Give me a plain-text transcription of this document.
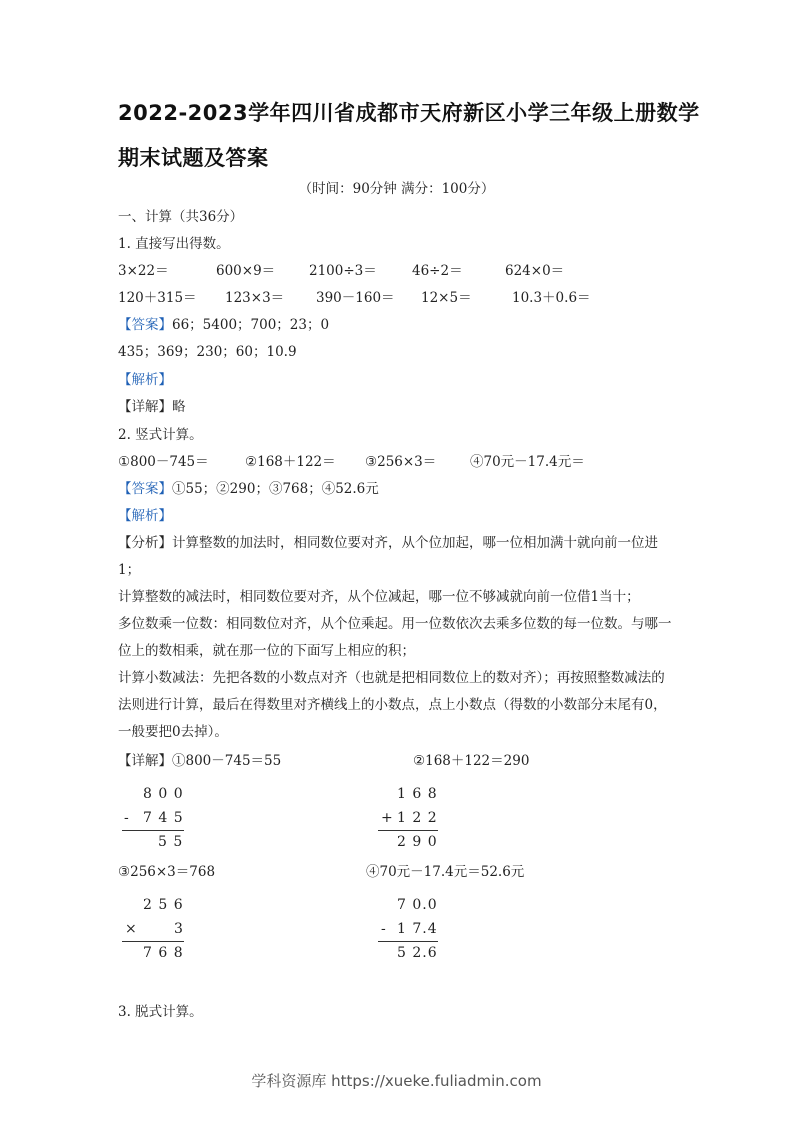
2022-2023学年四川省成都市天府新区小学三年级上册数学
期末试题及答案
（时间：90分钟 满分：100分）
一、计算（共36分）
1. 直接写出得数。
3×22＝	600×9＝	2100÷3＝	46÷2＝	624×0＝
120＋315＝ 123×3＝ 390－160＝ 12×5＝	10.3＋0.6＝
【答案】66；5400；700；23；0
435；369；230；60；10.9
【解析】
【详解】略
2. 竖式计算。
①800－745＝	②168＋122＝ ③256×3＝ ④70元－17.4元＝
【答案】①55；②290；③768；④52.6元
【解析】
【分析】计算整数的加法时，相同数位要对齐，从个位加起，哪一位相加满十就向前一位进1；
计算整数的减法时，相同数位要对齐，从个位减起，哪一位不够减就向前一位借1当十；
多位数乘一位数：相同数位对齐，从个位乘起。用一位数依次去乘多位数的每一位数。与哪一位上的数相乘，就在那一位的下面写上相应的积；
计算小数减法：先把各数的小数点对齐（也就是把相同数位上的数对齐）；再按照整数减法的法则进行计算，最后在得数里对齐横线上的小数点，点上小数点（得数的小数部分末尾有0，一般要把0去掉）。
【详解】①800－745＝55	②168＋122＝290
8 0 0
- 7 4 5
5 5
1 6 8
+ 1 2 2
2 9 0
③256×3＝768	④70元－17.4元＝52.6元
2 5 6
×	3
7 6 8
7 0.0
- 1 7.4
5 2.6
3. 脱式计算。
学科资源库 https://xueke.fuliadmin.com
